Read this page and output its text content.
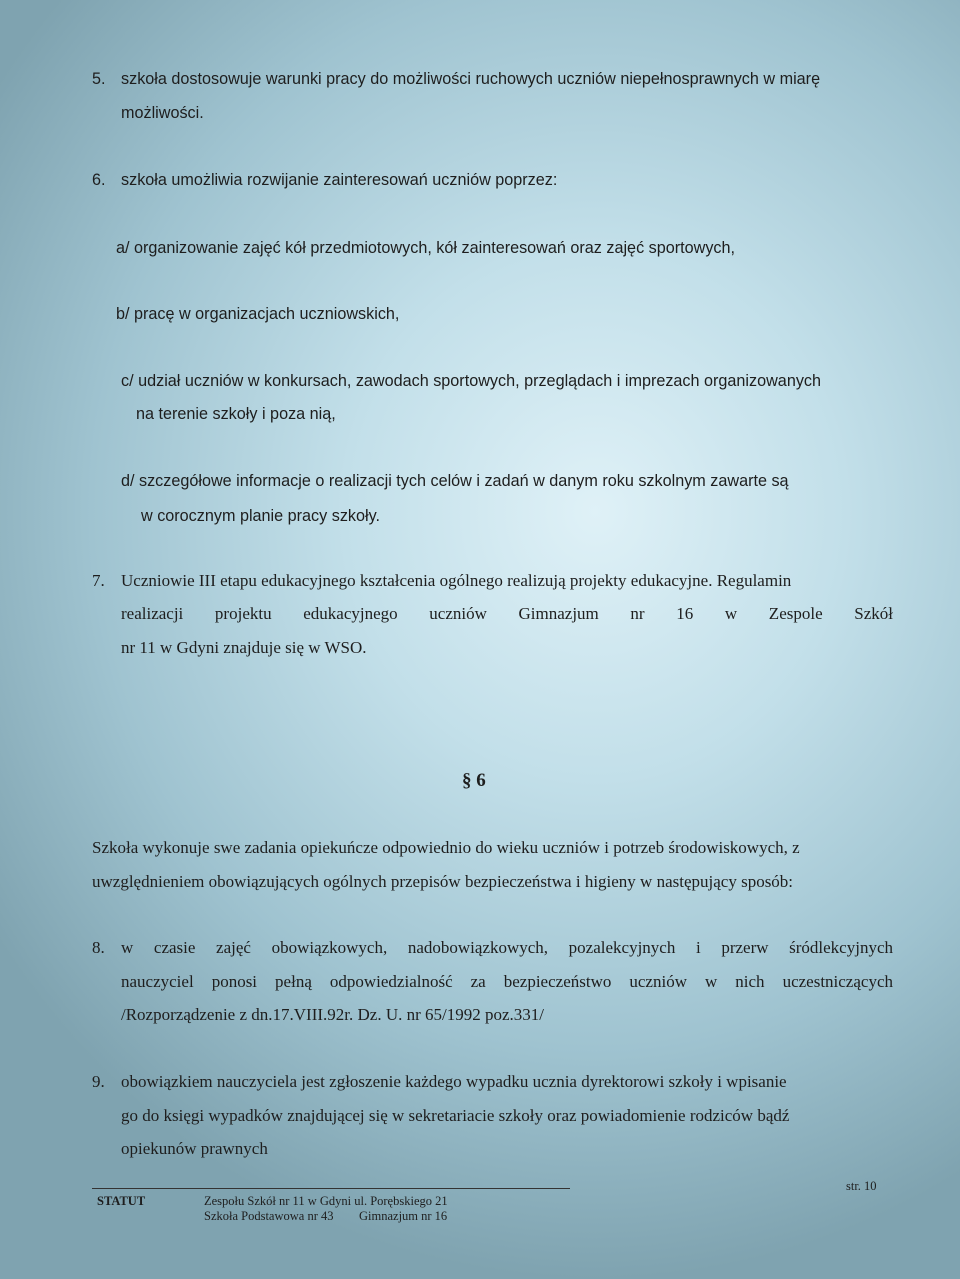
5. szkoła dostosowuje warunki pracy do możliwości ruchowych uczniów niepełnosprawnych w miarę
możliwości.
6. szkoła umożliwia rozwijanie zainteresowań uczniów poprzez:
a/ organizowanie zajęć kół przedmiotowych, kół zainteresowań oraz zajęć sportowych,
b/ pracę w organizacjach uczniowskich,
c/ udział uczniów w konkursach, zawodach sportowych, przeglądach i imprezach organizowanych
na terenie szkoły i poza nią,
d/ szczegółowe informacje o realizacji tych celów i zadań w danym roku szkolnym zawarte są
w corocznym planie pracy szkoły.
7. Uczniowie III etapu edukacyjnego kształcenia ogólnego realizują projekty edukacyjne. Regulamin
realizacji projektu edukacyjnego uczniów Gimnazjum nr 16 w Zespole Szkół
nr 11 w Gdyni znajduje się w WSO.
§ 6
Szkoła wykonuje swe zadania opiekuńcze odpowiednio do wieku uczniów i potrzeb środowiskowych, z
uwzględnieniem obowiązujących ogólnych przepisów bezpieczeństwa i higieny w następujący sposób:
8. w czasie zajęć obowiązkowych, nadobowiązkowych, pozalekcyjnych i przerw śródlekcyjnych
nauczyciel ponosi pełną odpowiedzialność za bezpieczeństwo uczniów w nich uczestniczących
/Rozporządzenie z dn.17.VIII.92r. Dz. U. nr 65/1992 poz.331/
9. obowiązkiem nauczyciela jest zgłoszenie każdego wypadku ucznia dyrektorowi szkoły i wpisanie
go do księgi wypadków znajdującej się w sekretariacie szkoły oraz powiadomienie rodziców bądź
opiekunów prawnych
STATUT	Zespołu Szkół nr 11 w Gdyni ul. Porębskiego 21
Szkoła Podstawowa nr 43 Gimnazjum nr 16
str. 10
